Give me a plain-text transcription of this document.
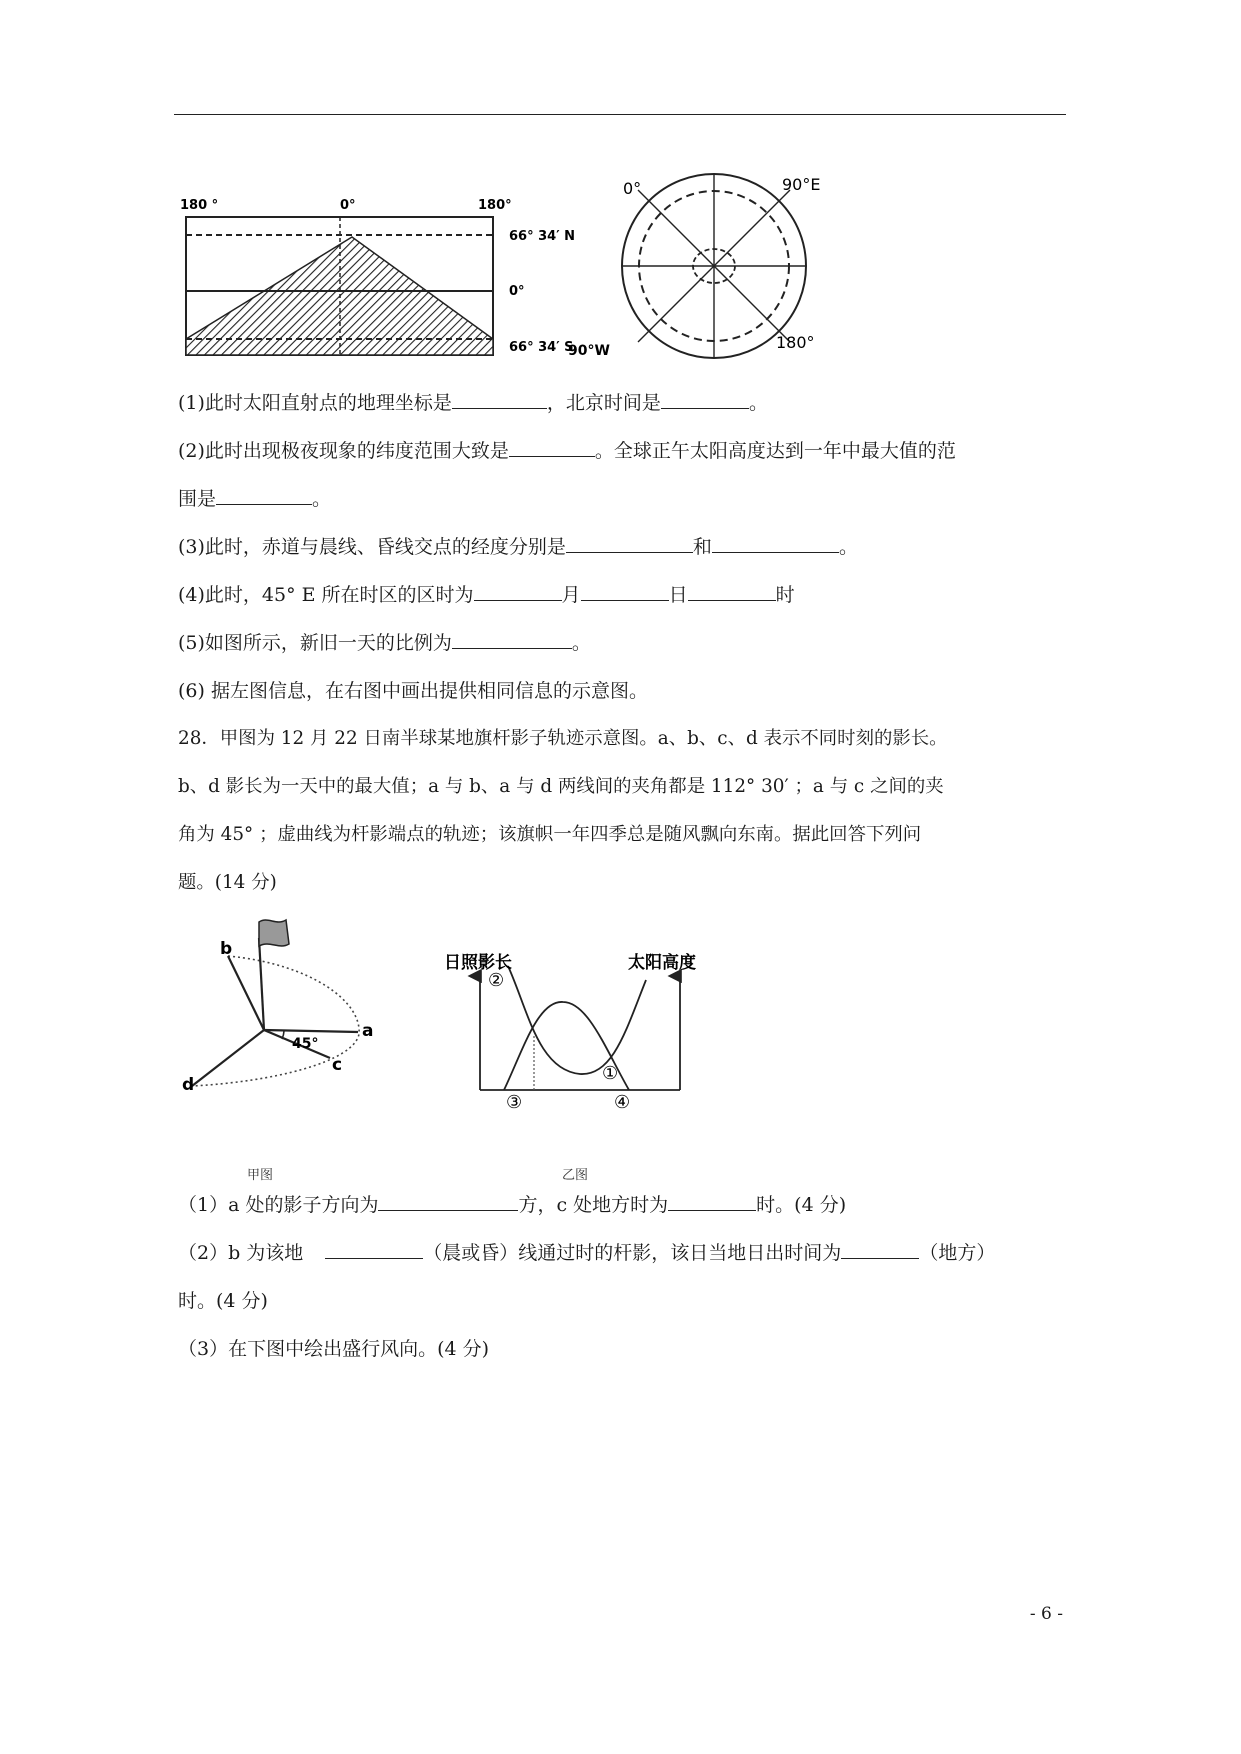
180 °	0°	180°
66° 34′ N
0°
66° 34′ S
0°	90°E
90°W	180°
(1)此时太阳直射点的地理坐标是	，北京时间是	。
(2)此时出现极夜现象的纬度范围大致是	。全球正午太阳高度达到一年中最大值的范
围是	。
(3)此时，赤道与晨线、昏线交点的经度分别是	和	。
(4)此时，45° E 所在时区的区时为	月	日	时
(5)如图所示，新旧一天的比例为	。
(6) 据左图信息，在右图中画出提供相同信息的示意图。
28．甲图为 12 月 22 日南半球某地旗杆影子轨迹示意图。a、b、c、d 表示不同时刻的影长。
b、d 影长为一天中的最大值；a 与 b、a 与 d 两线间的夹角都是 112° 30′ ；a 与 c 之间的夹
角为 45° ；虚曲线为杆影端点的轨迹；该旗帜一年四季总是随风飘向东南。据此回答下列问
题。(14 分)
b
a
c
d
45°
甲图
日照影长	太阳高度
②
①
③	④
乙图
（1）a 处的影子方向为	方，c 处地方时为	时。(4 分)
（2）b 为该地	（晨或昏）线通过时的杆影，该日当地日出时间为	（地方）
时。(4 分)
（3）在下图中绘出盛行风向。(4 分)
- 6 -
